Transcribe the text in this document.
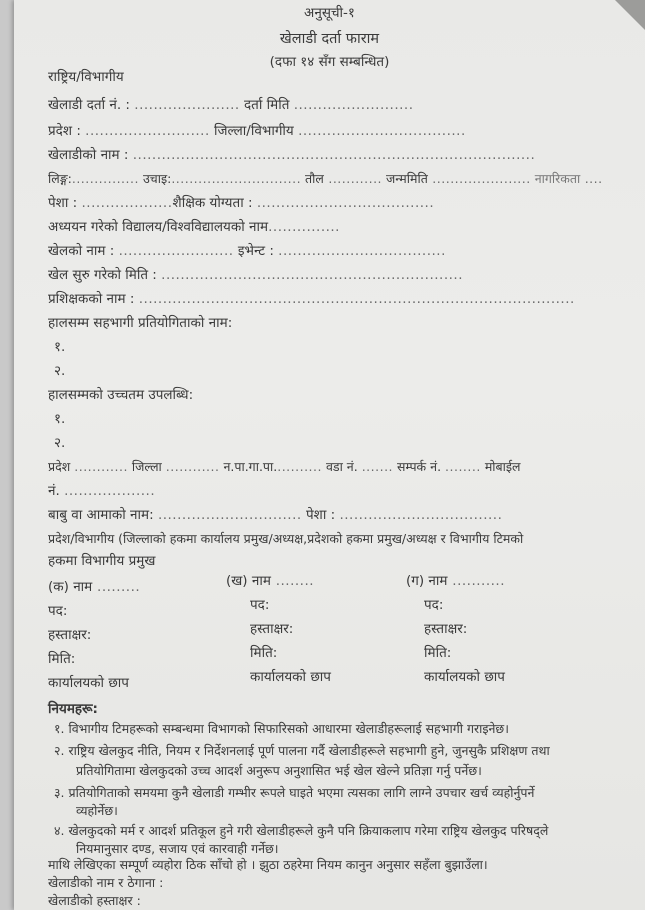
अनुसूची-१
खेलाडी दर्ता फाराम
(दफा १४ सँग सम्बन्धित)
राष्ट्रिय/विभागीय
खेलाडी दर्ता नं. : ...................... दर्ता मिति .........................
प्रदेश : .......................... जिल्ला/विभागीय ...................................
खेलाडीको नाम : ....................................................................................
लिङ्ग:............... उचाइ:............................. तौल ............ जन्ममिति ...................... नागरिकता ....
पेशा : ...................शैक्षिक योग्यता : .....................................
अध्ययन गरेको विद्यालय/विश्वविद्यालयको नाम...............
खेलको नाम : ........................ इभेन्ट : ...................................
खेल सुरु गरेको मिति : ...............................................................
प्रशिक्षकको नाम : ...........................................................................................
हालसम्म सहभागी प्रतियोगिताको नाम:
१.
२.
हालसम्मको उच्चतम उपलब्धि:
१.
२.
प्रदेश ............ जिल्ला ............ न.पा.गा.पा........... वडा नं. ....... सम्पर्क नं. ........ मोबाईल
नं. ...................
बाबु वा आमाको नाम: .............................. पेशा : ..................................
प्रदेश/विभागीय (जिल्लाको हकमा कार्यालय प्रमुख/अध्यक्ष,प्रदेशको हकमा प्रमुख/अध्यक्ष र विभागीय टिमको
हकमा विभागीय प्रमुख
(क) नाम .........
पद:
हस्ताक्षर:
मिति:
कार्यालयको छाप
(ख) नाम ........
पद:
हस्ताक्षर:
मिति:
कार्यालयको छाप
(ग) नाम ...........
पद:
हस्ताक्षर:
मिति:
कार्यालयको छाप
नियमहरू:
१. विभागीय टिमहरूको सम्बन्धमा विभागको सिफारिसको आधारमा खेलाडीहरूलाई सहभागी गराइनेछ।
२. राष्ट्रिय खेलकुद नीति, नियम र निर्देशनलाई पूर्ण पालना गर्दै खेलाडीहरूले सहभागी हुने, जुनसुकै प्रशिक्षण तथा
प्रतियोगितामा खेलकुदको उच्च आदर्श अनुरूप अनुशासित भई खेल खेल्ने प्रतिज्ञा गर्नु पर्नेछ।
३. प्रतियोगिताको समयमा कुनै खेलाडी गम्भीर रूपले घाइते भएमा त्यसका लागि लाग्ने उपचार खर्च व्यहोर्नुपर्ने
व्यहोर्नेछ।
४. खेलकुदको मर्म र आदर्श प्रतिकूल हुने गरी खेलाडीहरूले कुनै पनि क्रियाकलाप गरेमा राष्ट्रिय खेलकुद परिषद्ले
नियमानुसार दण्ड, सजाय एवं कारवाही गर्नेछ।
माथि लेखिएका सम्पूर्ण व्यहोरा ठिक साँचो हो । झुठा ठहरेमा नियम कानुन अनुसार सहँला बुझाउँला।
खेलाडीको नाम र ठेगाना :
खेलाडीको हस्ताक्षर :
